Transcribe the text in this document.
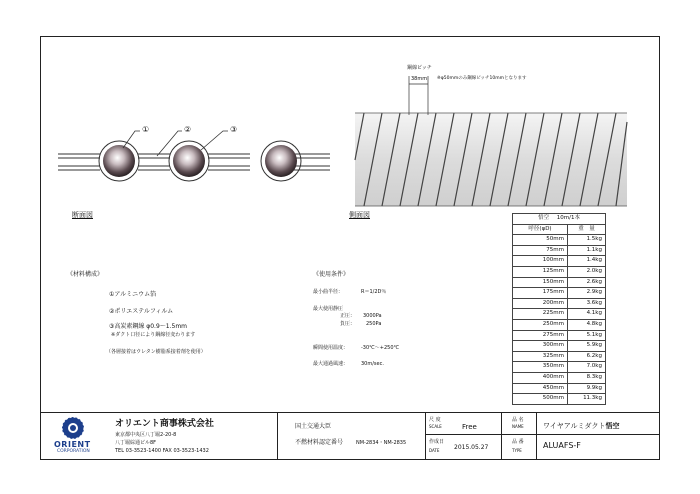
①	②	③
鋼線ピッチ
38mm ※φ50mmのみ鋼線ピッチ10mmとなります
断面図	側面図
《材料構成》
①アルミニウム箔
②ポリエステルフィルム
③高炭素鋼線 φ0.9～1.5mm
※ダクト口径により鋼線径変わります
（各層接着はウレタン樹脂系接着剤を使用）
《使用条件》
最小曲半径：	R＝1/2D％
最大使用静圧
正圧： 3000Pa
負圧： 250Pa
瞬間使用温度：	-30℃～+250℃
最大通過風速：	30m/sec.
悟空 10m/1本	
呼径(φD)	重　量
50mm	1.5kg
75mm	1.1kg
100mm	1.4kg
125mm	2.0kg
150mm	2.6kg
175mm	2.9kg
200mm	3.6kg
225mm	4.1kg
250mm	4.8kg
275mm	5.1kg
300mm	5.9kg
325mm	6.2kg
350mm	7.0kg
400mm	8.3kg
450mm	9.9kg
500mm	11.3kg
ORIENT
CORPORATION
オリエント商事株式会社
東京都中央区八丁堀2-20-8
八丁堀綜通ビル8F
TEL 03-3523-1400 FAX 03-3523-1432
国土交通大臣
不燃材料認定番号	NM-2834・NM-2835
尺 度
SCALE	Free
作成日
DATE 2015.05.27
品 名
NAME	ワイヤアルミダクト悟空
品 番
TYPE
ALUAFS-F
